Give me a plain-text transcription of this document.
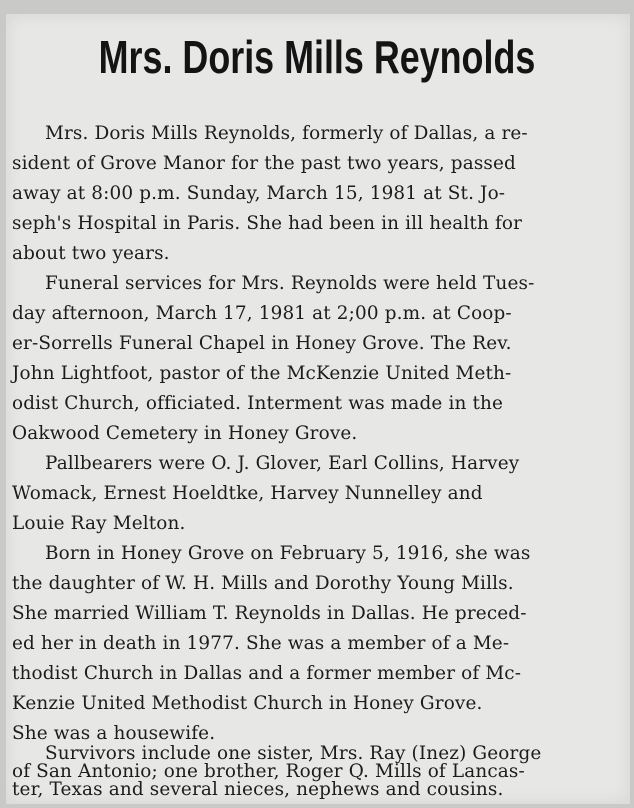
Mrs. Doris Mills Reynolds
Mrs. Doris Mills Reynolds, formerly of Dallas, a re-
sident of Grove Manor for the past two years, passed
away at 8:00 p.m. Sunday, March 15, 1981 at St. Jo-
seph's Hospital in Paris. She had been in ill health for
about two years.
Funeral services for Mrs. Reynolds were held Tues-
day afternoon, March 17, 1981 at 2;00 p.m. at Coop-
er-Sorrells Funeral Chapel in Honey Grove. The Rev.
John Lightfoot, pastor of the McKenzie United Meth-
odist Church, officiated. Interment was made in the
Oakwood Cemetery in Honey Grove.
Pallbearers were O. J. Glover, Earl Collins, Harvey
Womack, Ernest Hoeldtke, Harvey Nunnelley and
Louie Ray Melton.
Born in Honey Grove on February 5, 1916, she was
the daughter of W. H. Mills and Dorothy Young Mills.
She married William T. Reynolds in Dallas. He preced-
ed her in death in 1977. She was a member of a Me-
thodist Church in Dallas and a former member of Mc-
Kenzie United Methodist Church in Honey Grove.
She was a housewife.
Survivors include one sister, Mrs. Ray (Inez) George
of San Antonio; one brother, Roger Q. Mills of Lancas-
ter, Texas and several nieces, nephews and cousins.
